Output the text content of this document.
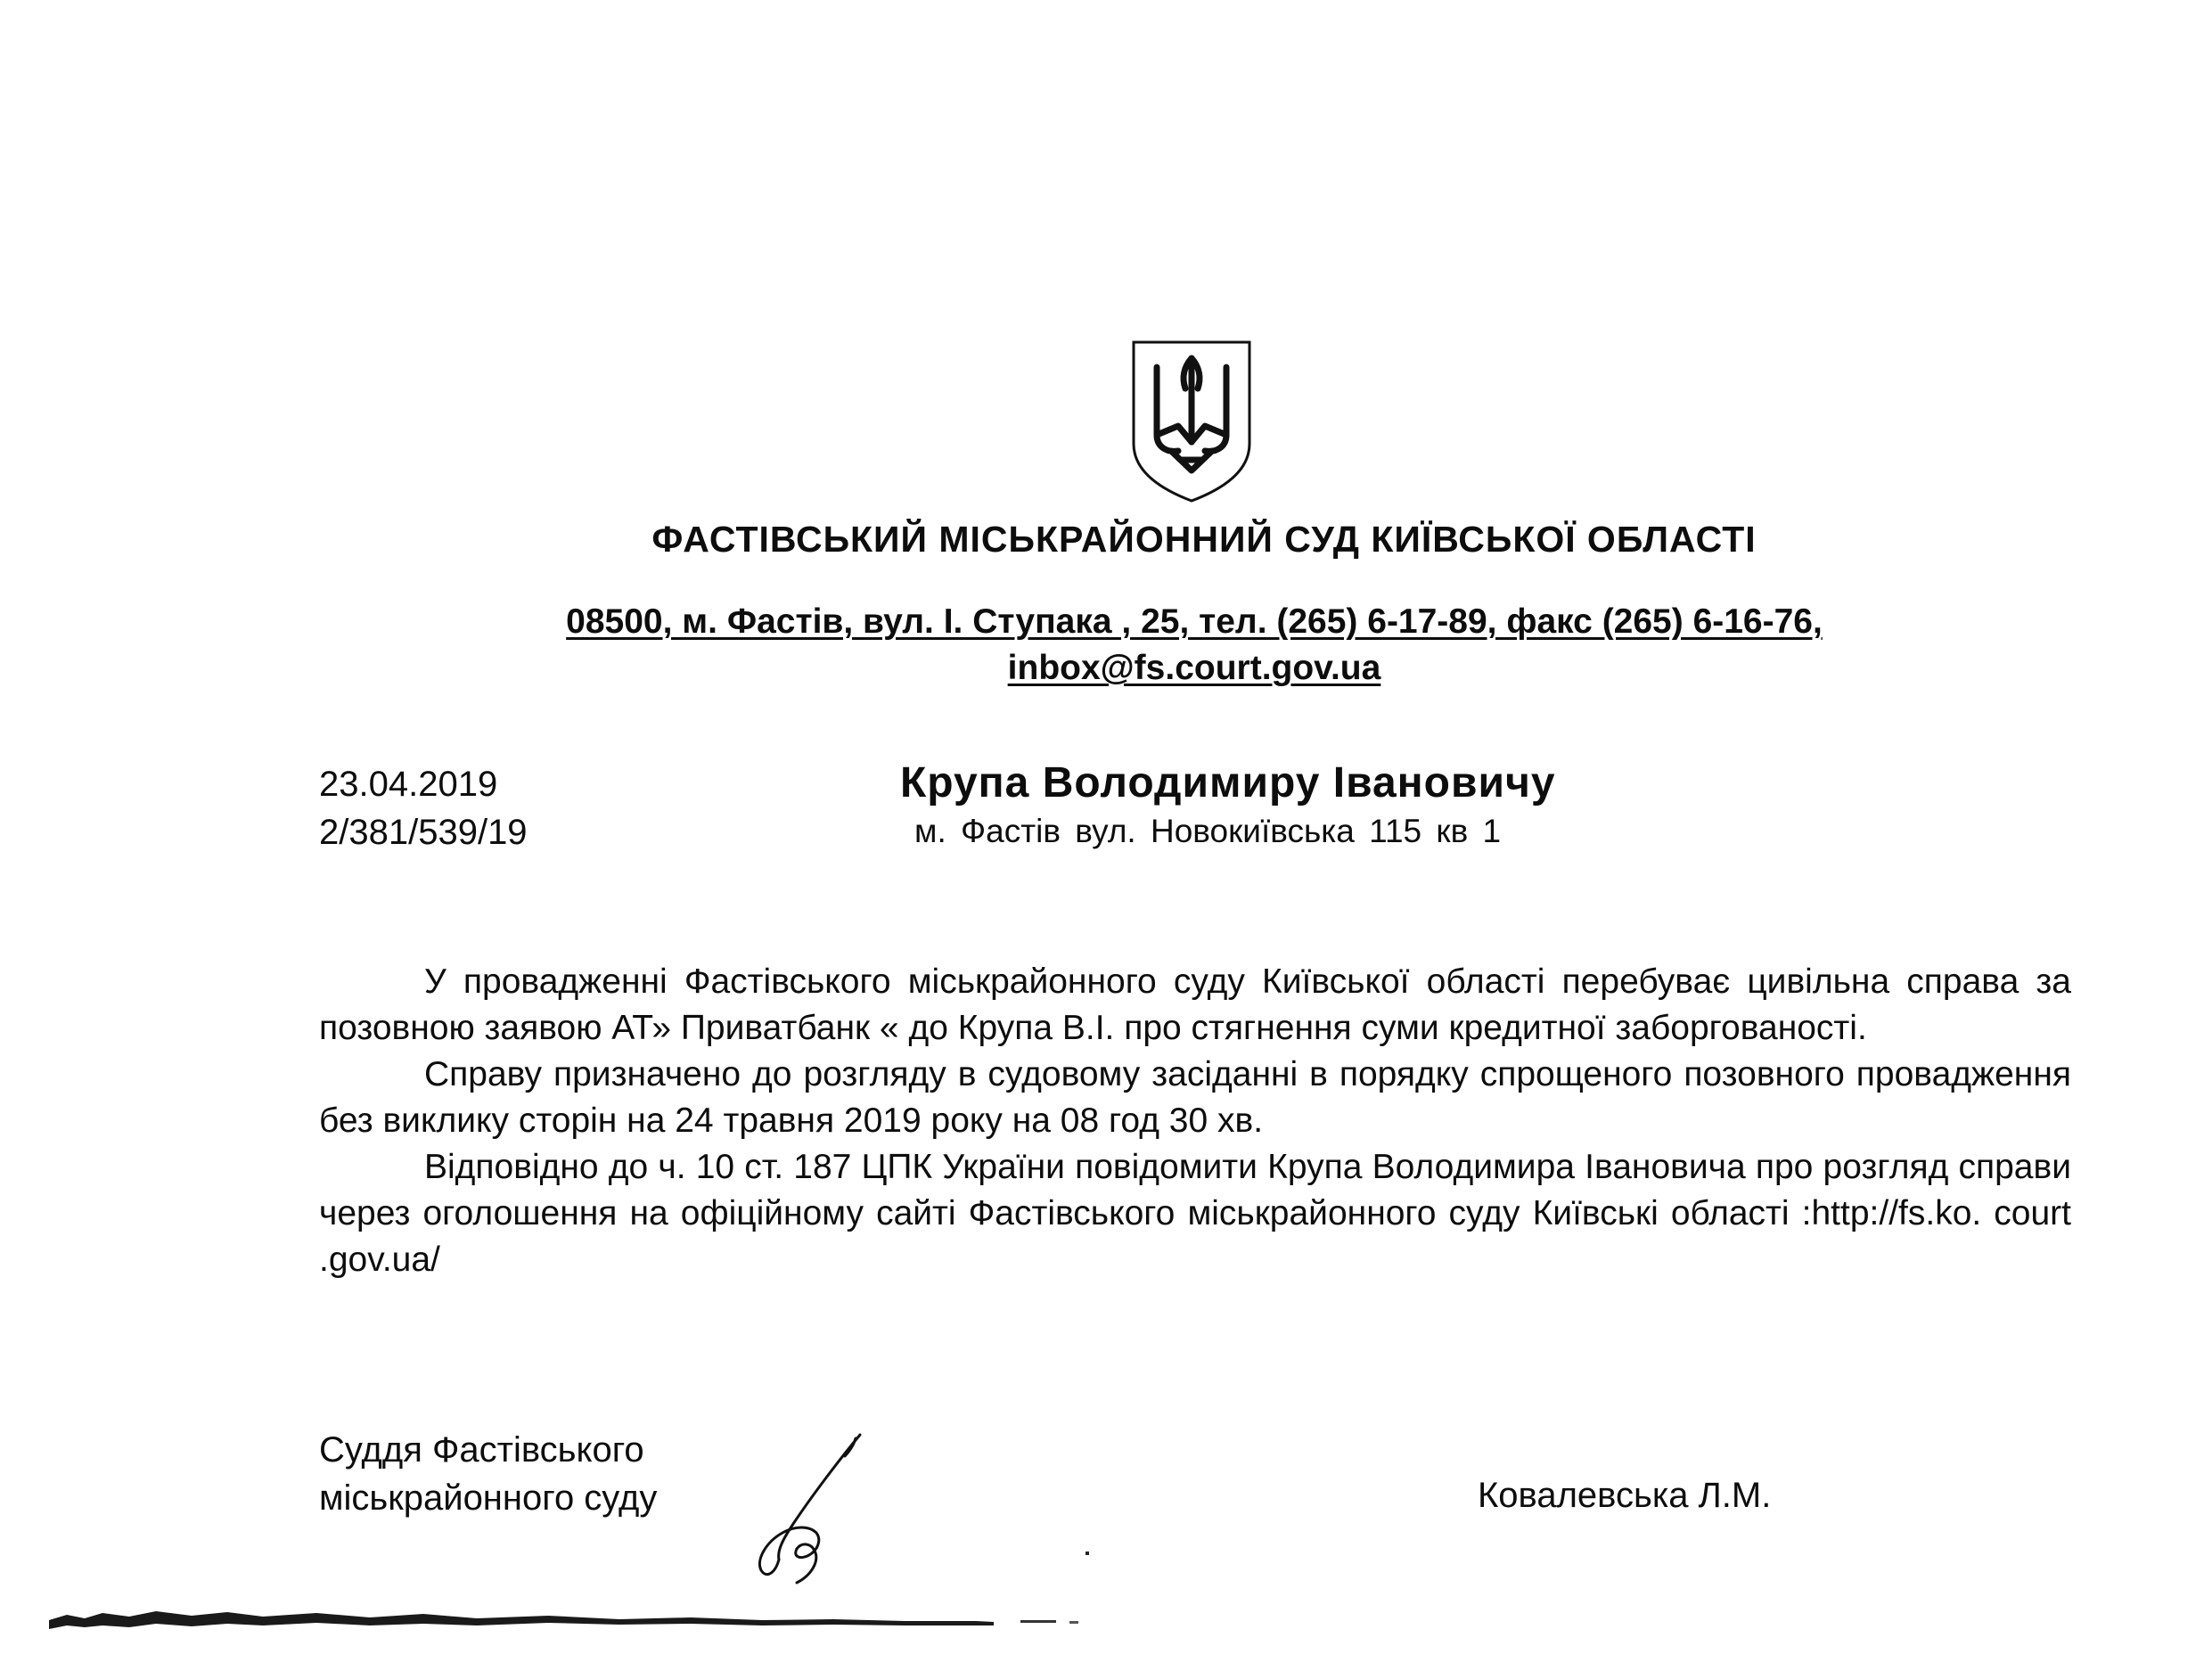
ФАСТІВСЬКИЙ МІСЬКРАЙОННИЙ СУД КИЇВСЬКОЇ ОБЛАСТІ
08500, м. Фастів, вул. І. Ступака , 25, тел. (265) 6-17-89, факс (265) 6-16-76,
inbox@fs.court.gov.ua
23.04.2019
2/381/539/19
Крупа Володимиру Івановичу
м. Фастів вул. Новокиївська 115 кв 1

У провадженні Фастівського міськрайонного суду Київської області перебуває цивільна справа за позовною заявою АТ» Приватбанк « до Крупа В.І. про стягнення суми кредитної заборгованості.

Справу призначено до розгляду в судовому засіданні в порядку спрощеного позовного провадження без виклику сторін на 24 травня 2019 року на 08 год 30 хв.

Відповідно до ч. 10 ст. 187 ЦПК України повідомити Крупа Володимира Івановича про розгляд справи через оголошення на офіційному сайті Фастівського міськрайонного суду Київські області :http://fs.ko. court .gov.ua/

Суддя Фастівського
міськрайонного суду	Ковалевська Л.М.
